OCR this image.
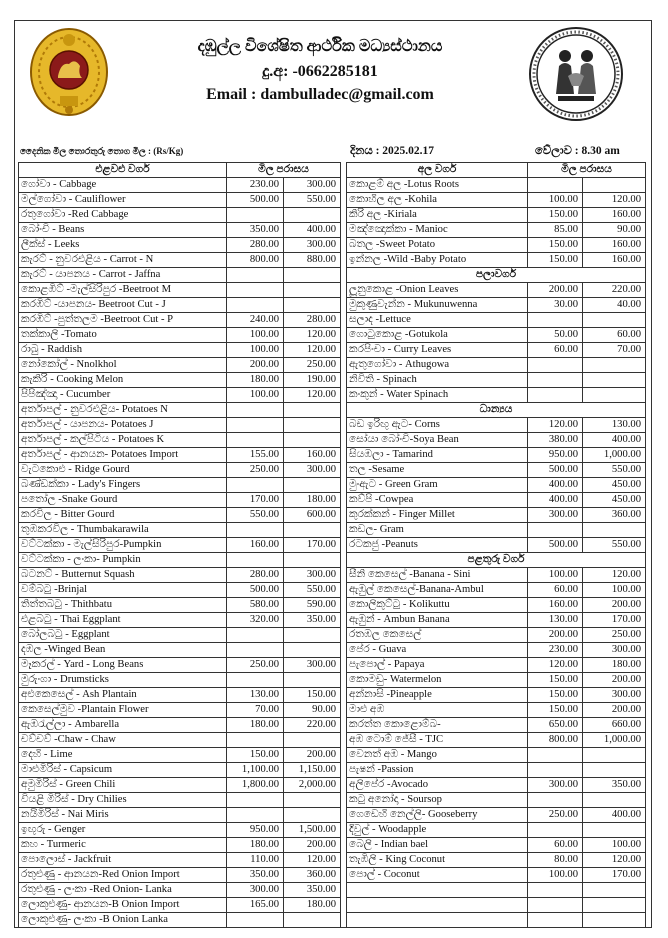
දඹුල්ල විශේෂිත ආර්ථික මධ්‍යස්ථානය
දු.අ: -0662285181
Email : dambulladec@gmail.com
දෛනික මිල තොරතුරු තොග මිල : (Rs/Kg)	දිනය : 2025.02.17	වේලාව : 8.30 am
එළවළු වර්ග	මිල පරාසය			අල වර්ග	මිල පරාසය	
ගෝවා - Cabbage	230.00	300.00		කොළම් අල -Lotus Roots		
මල්ගෝවා - Cauliflower	500.00	550.00		කොහිල අල -Kohila	100.00	120.00
රතුගෝවා -Red Cabbage				කිරි අල -Kiriala	150.00	160.00
බෝංචි - Beans	350.00	400.00		මඤ්ඤොක්කා - Manioc	85.00	90.00
ලීක්ස් - Leeks	280.00	300.00		බතල -Sweet Potato	150.00	160.00
කැරට් - නුවරඑළිය - Carrot - N	800.00	880.00		ඉන්නල -Wild -Baby Potato	150.00	160.00
කැරට් - යාපනය - Carrot - Jaffna				පලාවර්ග		
කොළඹිට් -මැල්සිරිපුර -Beetroot M				ලූනුකොළ -Onion Leaves	200.00	220.00
කරඹිට් -යාපනය- Beetroot Cut - J				මුකුණුවැන්න - Mukunuwenna	30.00	40.00
කරඹිට් -පුත්තලම -Beetroot Cut - P	240.00	280.00		සලාද -Lettuce		
තක්කාලි -Tomato	100.00	120.00		ගොටුකොළ -Gotukola	50.00	60.00
රාබු - Raddish	100.00	120.00		කරපිංචා - Curry Leaves	60.00	70.00
නෝකෝල් - Nnolkhol	200.00	250.00		ඇතුගෝවා - Athugowa		
කැකිරි - Cooking Melon	180.00	190.00		නිවිති - Spinach		
පිපිඤ්ඤා - Cucumber	100.00	120.00		කංකුන් - Water Spinach		
අර්තාපල් - නුවරඑළිය- Potatoes N				ධාන්‍යය		
අර්තාපල් - යාපනය- Potatoes J				බඩ ඉරිඟු ඇට- Corns	120.00	130.00
අර්තාපල් - කල්පිටිය - Potatoes K				සෝයා බෝංචි-Soya Bean	380.00	400.00
අර්තාපල් - ආනයන- Potatoes Import	155.00	160.00		සියඹලා - Tamarind	950.00	1,000.00
වැටකොළු - Ridge Gourd	250.00	300.00		තල -Sesame	500.00	550.00
බණ්ඩක්කා - Lady's Fingers				මුංඇට - Green Gram	400.00	450.00
පතෝල -Snake Gourd	170.00	180.00		කව්පි -Cowpea	400.00	450.00
කරවිල - Bitter Gourd	550.00	600.00		කුරක්කන් - Finger Millet	300.00	360.00
තුඹකරවිල - Thumbakarawila				කඩල- Gram		
වට්ටක්කා - මැල්සිරිපුර-Pumpkin	160.00	170.00		රටකජු -Peanuts	500.00	550.00
වට්ටක්කා - ලංකා- Pumpkin				පළතුරු වර්ග		
බටනට් - Butternut Squash	280.00	300.00		සීනි කෙසෙල් -Banana - Sini	100.00	120.00
වම්බටු -Brinjal	500.00	550.00		ඇඹුල් කෙසෙල්-Banana-Ambul	60.00	100.00
තිත්තබටු - Thithbatu	580.00	590.00		කොලිකුට්ටු - Kolikuttu	160.00	200.00
එළබටු - Thai Eggplant	320.00	350.00		ඇඹුන් - Ambun Banana	130.00	170.00
බෝලබටු - Eggplant				රතඹල කෙසෙල්	200.00	250.00
දඹල -Winged Bean				පේර - Guava	230.00	300.00
මෑකරල් - Yard - Long Beans	250.00	300.00		පැපොල් - Papaya	120.00	180.00
මුරුංගා - Drumsticks				කොමඩු- Watermelon	150.00	200.00
අළුකෙසෙල් - Ash Plantain	130.00	150.00		අන්නාසි -Pineapple	150.00	300.00
කෙසෙල්මුව -Plantain Flower	70.00	90.00		මාළු අඹ	150.00	200.00
ඇඹරැල්ලා - Ambarella	180.00	220.00		කරත්ත කොළොම්බ-	650.00	660.00
චව්චව් -Chaw - Chaw				අඹ ටොම් ජේසී - TJC	800.00	1,000.00
දෙහි - Lime	150.00	200.00		වෙනත් අඹ - Mango		
මාළුමිරිස් - Capsicum	1,100.00	1,150.00		පැෂන් -Passion		
අමුමිරිස් - Green Chili	1,800.00	2,000.00		අලිපේර -Avocado	300.00	350.00
වියළි මිරිස් - Dry Chilies				කටු අනෝදා - Soursop		
නයිමිරිස් - Nai Miris				ගෙඩෙහි නෙල්ලි- Gooseberry	250.00	400.00
ඉඟුරු - Genger	950.00	1,500.00		දිවුල් - Woodapple		
කහ - Turmeric	180.00	200.00		බෙලි - Indian bael	60.00	100.00
පොලොස් - Jackfruit	110.00	120.00		තැඹිලි - King Coconut	80.00	120.00
රතුළුණු - ආනයන-Red Onion Import	350.00	360.00		පොල් - Coconut	100.00	170.00
රතුළුණු - ලංකා -Red Onion- Lanka	300.00	350.00				
ලොකුළුණු- ආනයන-B Onion Import	165.00	180.00				
ලොකුළුණු- ලංකා -B Onion Lanka						
